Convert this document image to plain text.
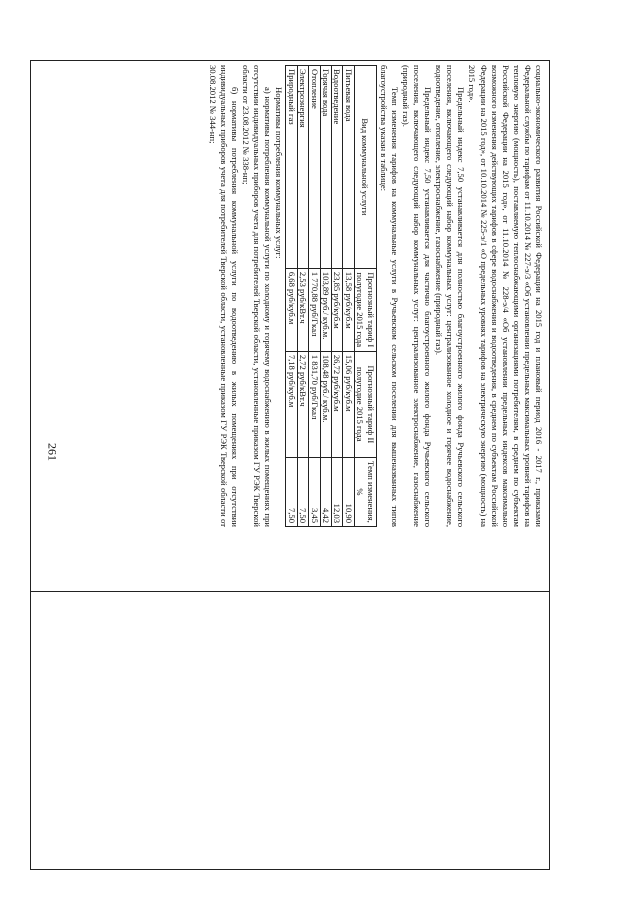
261	социально-экономического развития Российской Федерации на 2015 год и плановый период 2016 - 2017 г., приказами Федеральной службы по тарифам от 11.10.2014 № 227-э/3 «Об установлении предельных максимальных уровней тарифов на тепловую энергию (мощность), поставляемую теплоснабжающими организациями потребителям, в среднем по субъектам Российской Федерации на 2015 год», от 11.10.2014 № 228-э/4 «Об установлении предельных индексов максимально возможного изменения действующих тарифов в сфере водоснабжения и водоотведения, в среднем по субъектам Российской Федерации на 2015 год», от 10.10.2014 № 225-э/1 «О предельных уровнях тарифов на электрическую энергию (мощность) на 2015 год».

Предельный индекс 7,50 устанавливается для полностью благоустроенного жилого фонда Ручьевского сельского поселения, включающего следующий набор коммунальных услуг: централизованное холодное и горячее водоснабжение, водоотведение, отопление, электроснабжение, газоснабжение (природный газ).

Предельный индекс 7,50 устанавливается для частично благоустроенного жилого фонда Ручьевского сельского поселения, включающего следующий набор коммунальных услуг: централизованное электроснабжение, газоснабжение (природный газ).

Темп изменения тарифов на коммунальные услуги в Ручьевском сельском поселении для вышеназванных типов благоустройства указан в таблице:

Вид коммунальной услуги	Прогнозный тариф I полугодие 2015 года	Прогнозный тариф II полугодие 2015 года	Темп изменения, %
Питьевая вода	13,58 руб/куб.м	15,06 руб/куб.м	10,90
Водоотведение	23,85 руб/куб.м	26,72 руб/куб.м	12,03
Горячая вода	103,89 руб./ куб.м.	108,48 руб./ куб.м.	4,42
Отопление	1 770,88 руб/Гкал	1 831,70 руб/Гкал	3,45
Электроэнергия	2,53 руб/кВт.ч	2,72 руб/кВт.ч	7,50
Природный газ	6,68 руб/куб.м	7,18 руб/куб.м	7,50

Нормативы потребления коммунальных услуг:

а) нормативы потребления коммунальной услуги по холодному и горячему водоснабжению в жилых помещениях при отсутствии индивидуальных приборов учета для потребителей Тверской области, установленные приказом ГУ РЭК Тверской области от 23.08.2012 № 338-нп;

б) нормативы потребления коммунальной услуги по водоотведению в жилых помещениях при отсутствии индивидуальных приборов учета для потребителей Тверской области, установленные приказом ГУ РЭК Тверской области от 30.08.2012 № 344-нп;
